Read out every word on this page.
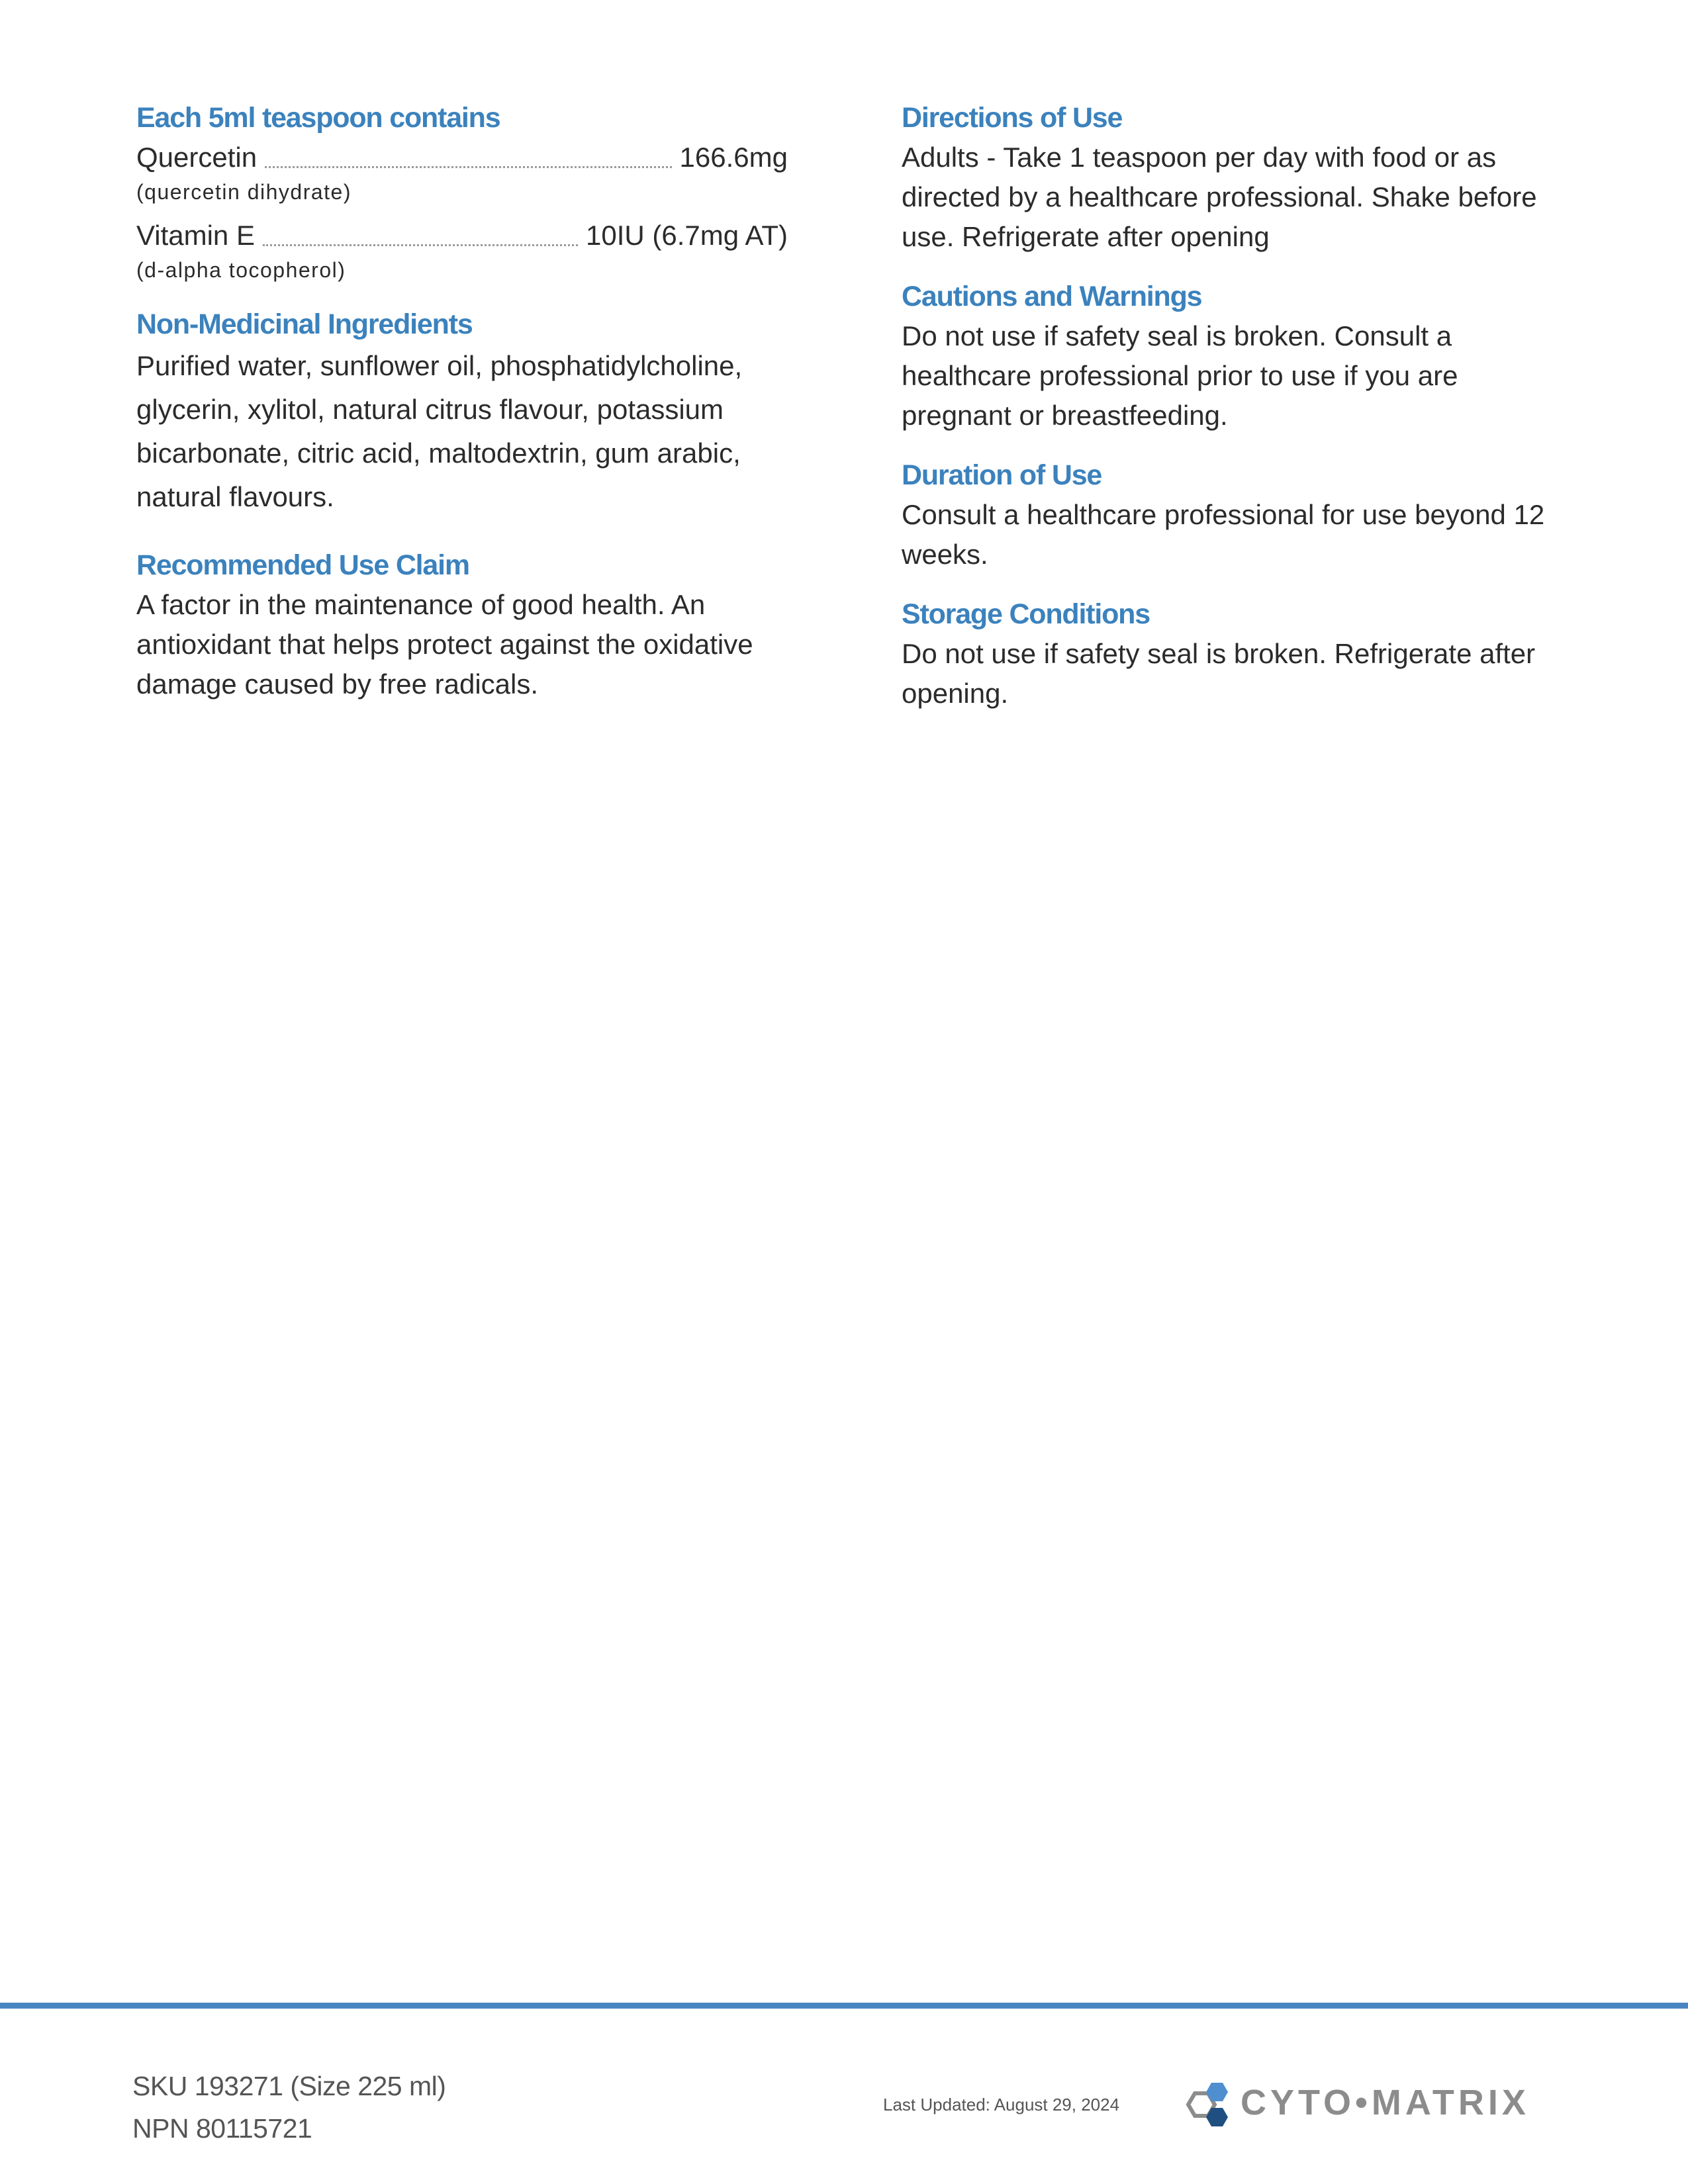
Each 5ml teaspoon contains
Quercetin	166.6mg
(quercetin dihydrate)
Vitamin E	10IU (6.7mg AT)
(d-alpha tocopherol)
Non-Medicinal Ingredients

Purified water, sunflower oil, phosphatidylcholine,
glycerin, xylitol, natural citrus flavour, potassium
bicarbonate, citric acid, maltodextrin, gum arabic,
natural flavours.

Recommended Use Claim

A factor in the maintenance of good health. An
antioxidant that helps protect against the oxidative
damage caused by free radicals.

Directions of Use

Adults - Take 1 teaspoon per day with food or as
directed by a healthcare professional. Shake before
use. Refrigerate after opening

Cautions and Warnings

Do not use if safety seal is broken. Consult a
healthcare professional prior to use if you are
pregnant or breastfeeding.

Duration of Use

Consult a healthcare professional for use beyond 12
weeks.

Storage Conditions

Do not use if safety seal is broken. Refrigerate after
opening.

SKU 193271 (Size 225 ml)
NPN 80115721
Last Updated: August 29, 2024	CYTO•MATRIX
